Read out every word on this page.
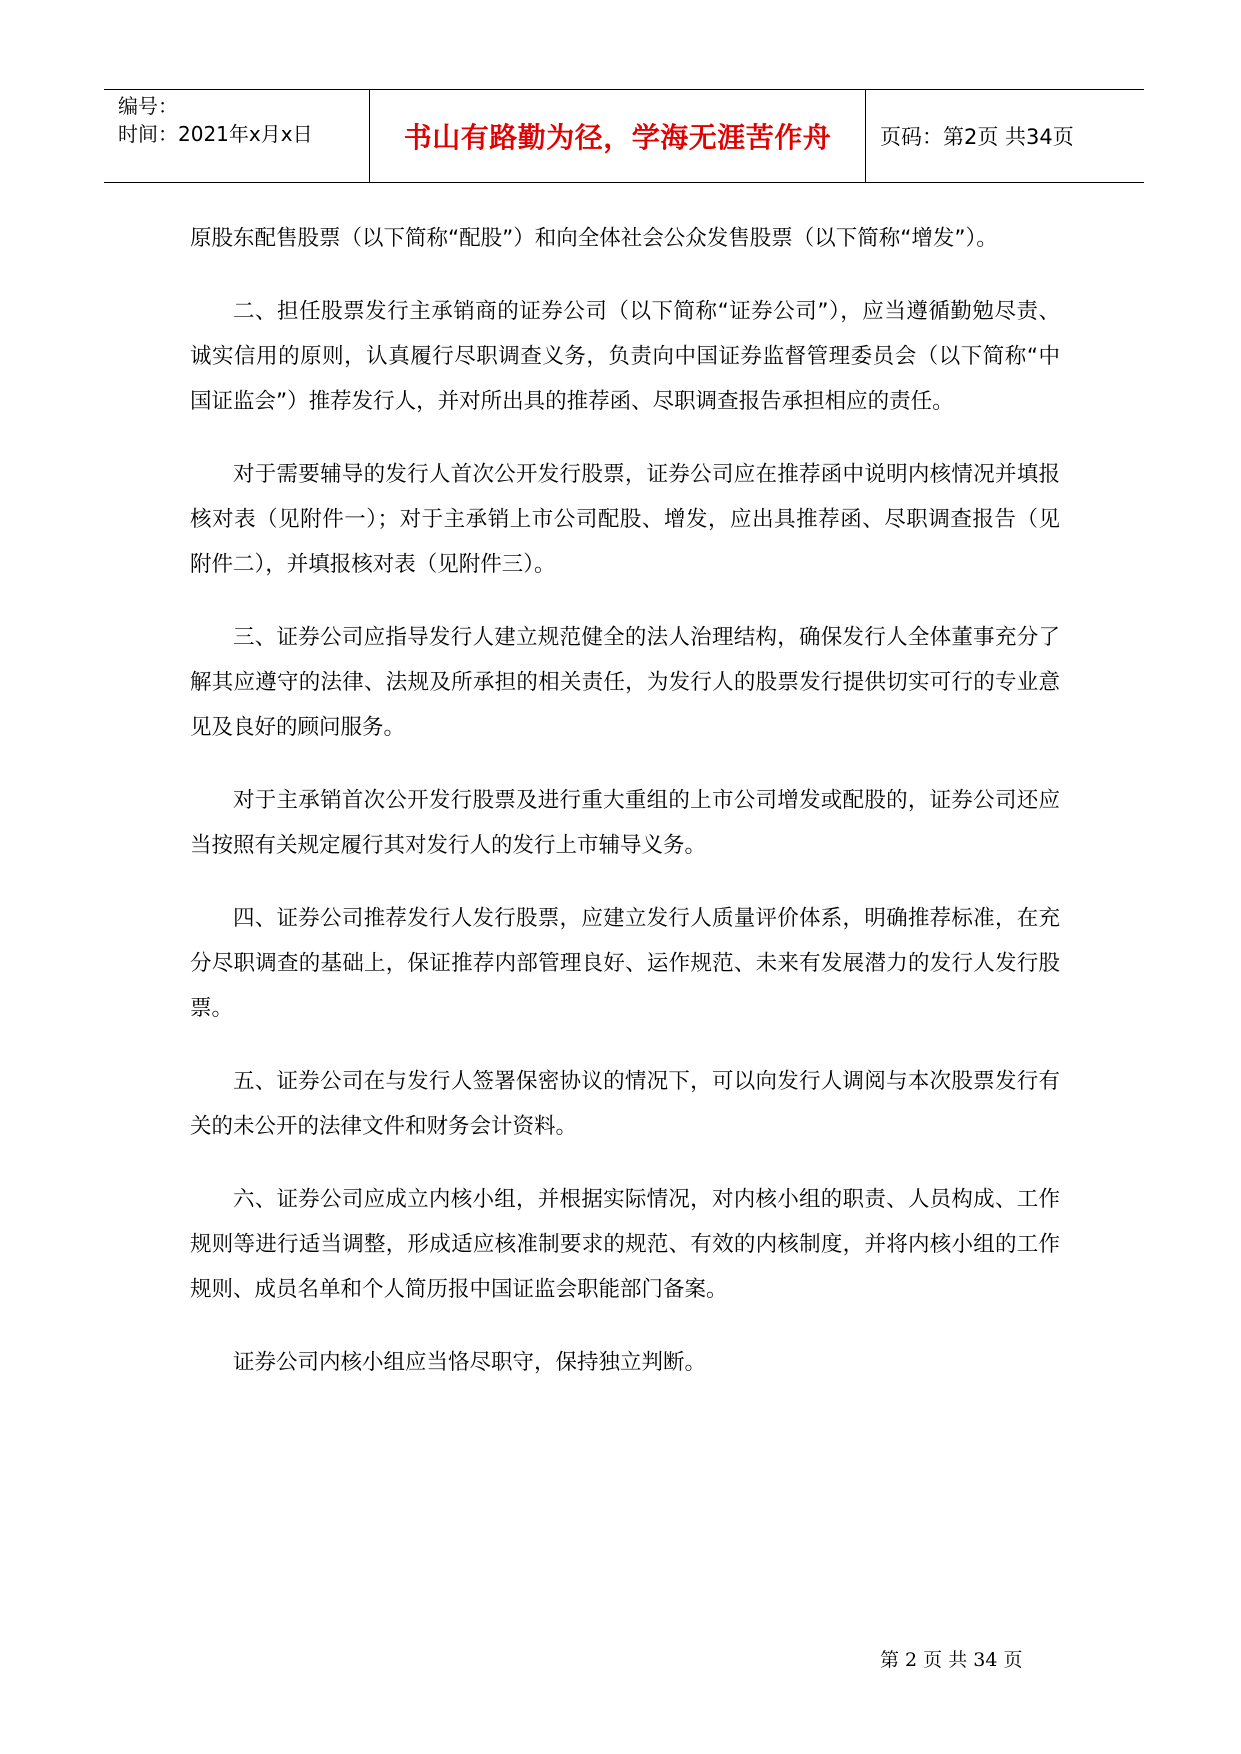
编号：
时间：2021年x月x日	书山有路勤为径，学海无涯苦作舟	页码：第2页 共34页

原股东配售股票（以下简称“配股”）和向全体社会公众发售股票（以下简称“增发”）。

二、担任股票发行主承销商的证券公司（以下简称“证券公司”），应当遵循勤勉尽责、诚实信用的原则，认真履行尽职调查义务，负责向中国证券监督管理委员会（以下简称“中国证监会”）推荐发行人，并对所出具的推荐函、尽职调查报告承担相应的责任。

对于需要辅导的发行人首次公开发行股票，证券公司应在推荐函中说明内核情况并填报核对表（见附件一）；对于主承销上市公司配股、增发，应出具推荐函、尽职调查报告（见附件二），并填报核对表（见附件三）。

三、证券公司应指导发行人建立规范健全的法人治理结构，确保发行人全体董事充分了解其应遵守的法律、法规及所承担的相关责任，为发行人的股票发行提供切实可行的专业意见及良好的顾问服务。

对于主承销首次公开发行股票及进行重大重组的上市公司增发或配股的，证券公司还应当按照有关规定履行其对发行人的发行上市辅导义务。

四、证券公司推荐发行人发行股票，应建立发行人质量评价体系，明确推荐标准，在充分尽职调查的基础上，保证推荐内部管理良好、运作规范、未来有发展潜力的发行人发行股票。

五、证券公司在与发行人签署保密协议的情况下，可以向发行人调阅与本次股票发行有关的未公开的法律文件和财务会计资料。

六、证券公司应成立内核小组，并根据实际情况，对内核小组的职责、人员构成、工作规则等进行适当调整，形成适应核准制要求的规范、有效的内核制度，并将内核小组的工作规则、成员名单和个人简历报中国证监会职能部门备案。

证券公司内核小组应当恪尽职守，保持独立判断。

第 2 页 共 34 页
